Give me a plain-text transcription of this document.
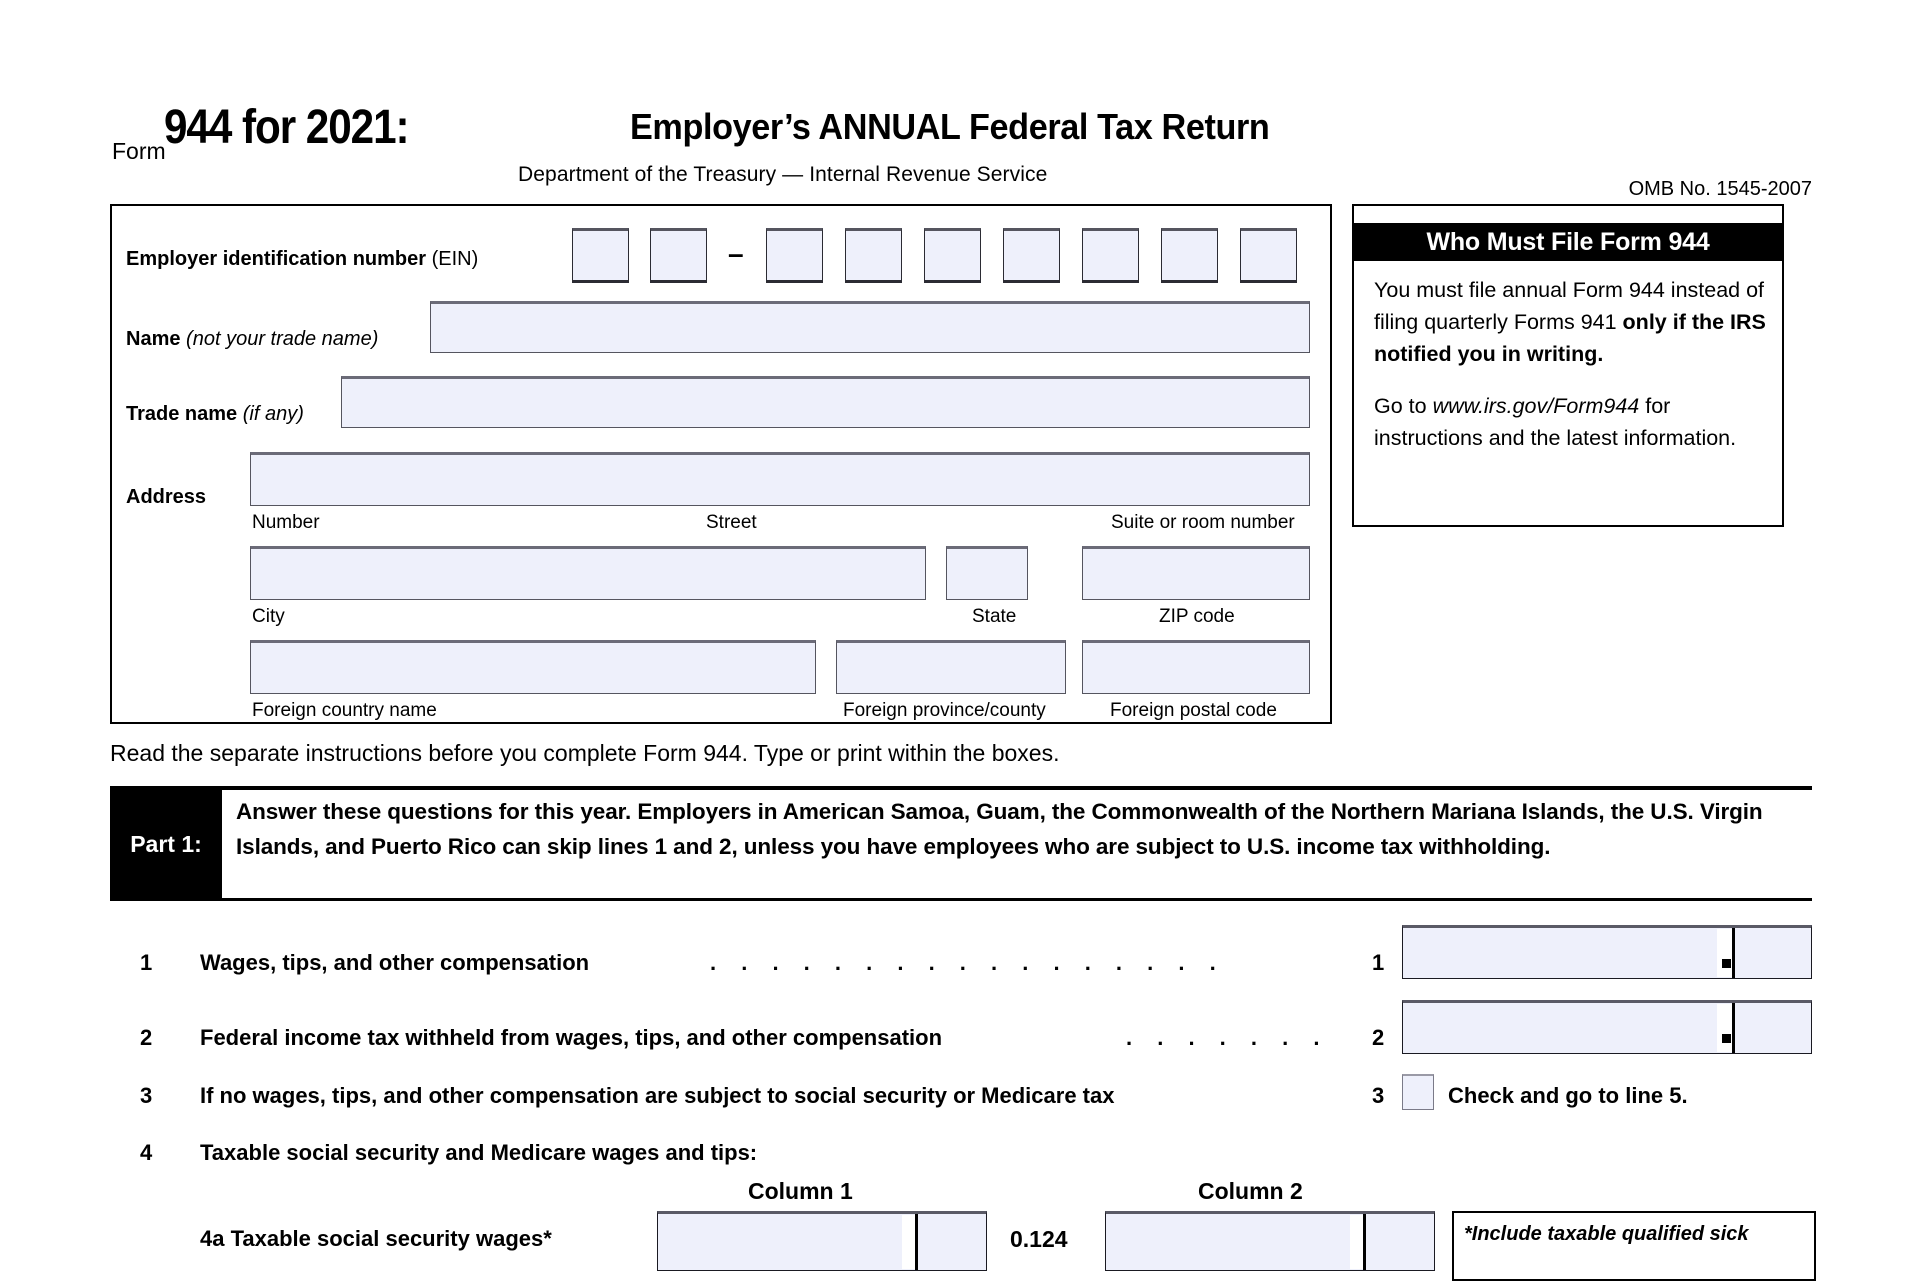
Form
944 for 2021:	Employer’s ANNUAL Federal Tax Return
Department of the Treasury — Internal Revenue Service
OMB No. 1545-2007
Employer identification number (EIN)	–
Name (not your trade name)
Trade name (if any)
Address
Number	Street	Suite or room number
City	State	ZIP code
Foreign country name	Foreign province/county	Foreign postal code
Who Must File Form 944

You must file annual Form 944 instead of filing quarterly Forms 941 only if the IRS notified you in writing.

Go to www.irs.gov/Form944 for instructions and the latest information.

Read the separate instructions before you complete Form 944. Type or print within the boxes.
Part 1:
Answer these questions for this year. Employers in American Samoa, Guam, the Commonwealth of the Northern Mariana Islands, the U.S. Virgin Islands, and Puerto Rico can skip lines 1 and 2, unless you have employees who are subject to U.S. income tax withholding.
1 Wages, tips, and other compensation	. . . . . . . . . . . . . . . . .	1
2 Federal income tax withheld from wages, tips, and other compensation	. . . . . . . 2
3 If no wages, tips, and other compensation are subject to social security or Medicare tax	3	Check and go to line 5.
4 Taxable social security and Medicare wages and tips:
Column 1	Column 2
4a Taxable social security wages*	0.124	*Include taxable qualified sick
